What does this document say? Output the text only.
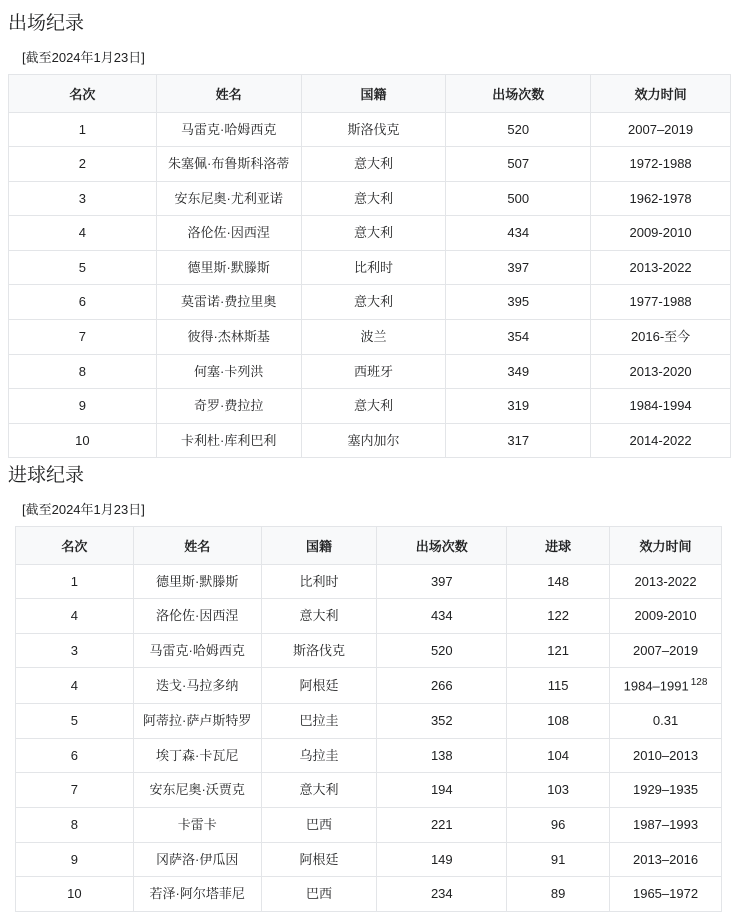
出场纪录
[截至2024年1月23日]
名次	姓名	国籍	出场次数	效力时间
1	马雷克·哈姆西克	斯洛伐克	520	2007–2019
2	朱塞佩·布鲁斯科洛蒂	意大利	507	1972-1988
3	安东尼奥·尤利亚诺	意大利	500	1962-1978
4	洛伦佐·因西涅	意大利	434	2009-2010
5	德里斯·默滕斯	比利时	397	2013-2022
6	莫雷诺·费拉里奥	意大利	395	1977-1988
7	彼得·杰林斯基	波兰	354	2016-至今
8	何塞·卡列洪	西班牙	349	2013-2020
9	奇罗·费拉拉	意大利	319	1984-1994
10	卡利杜·库利巴利	塞内加尔	317	2014-2022
进球纪录
[截至2024年1月23日]
名次	姓名	国籍	出场次数	进球	效力时间
1	德里斯·默滕斯	比利时	397	148	2013-2022
4	洛伦佐·因西涅	意大利	434	122	2009-2010
3	马雷克·哈姆西克	斯洛伐克	520	121	2007–2019
4	迭戈·马拉多纳	阿根廷	266	115	1984–1991 $^{128}$
5	阿蒂拉·萨卢斯特罗	巴拉圭	352	108	0.31
6	埃丁森·卡瓦尼	乌拉圭	138	104	2010–2013
7	安东尼奥·沃贾克	意大利	194	103	1929–1935
8	卡雷卡	巴西	221	96	1987–1993
9	冈萨洛·伊瓜因	阿根廷	149	91	2013–2016
10	若泽·阿尔塔菲尼	巴西	234	89	1965–1972
